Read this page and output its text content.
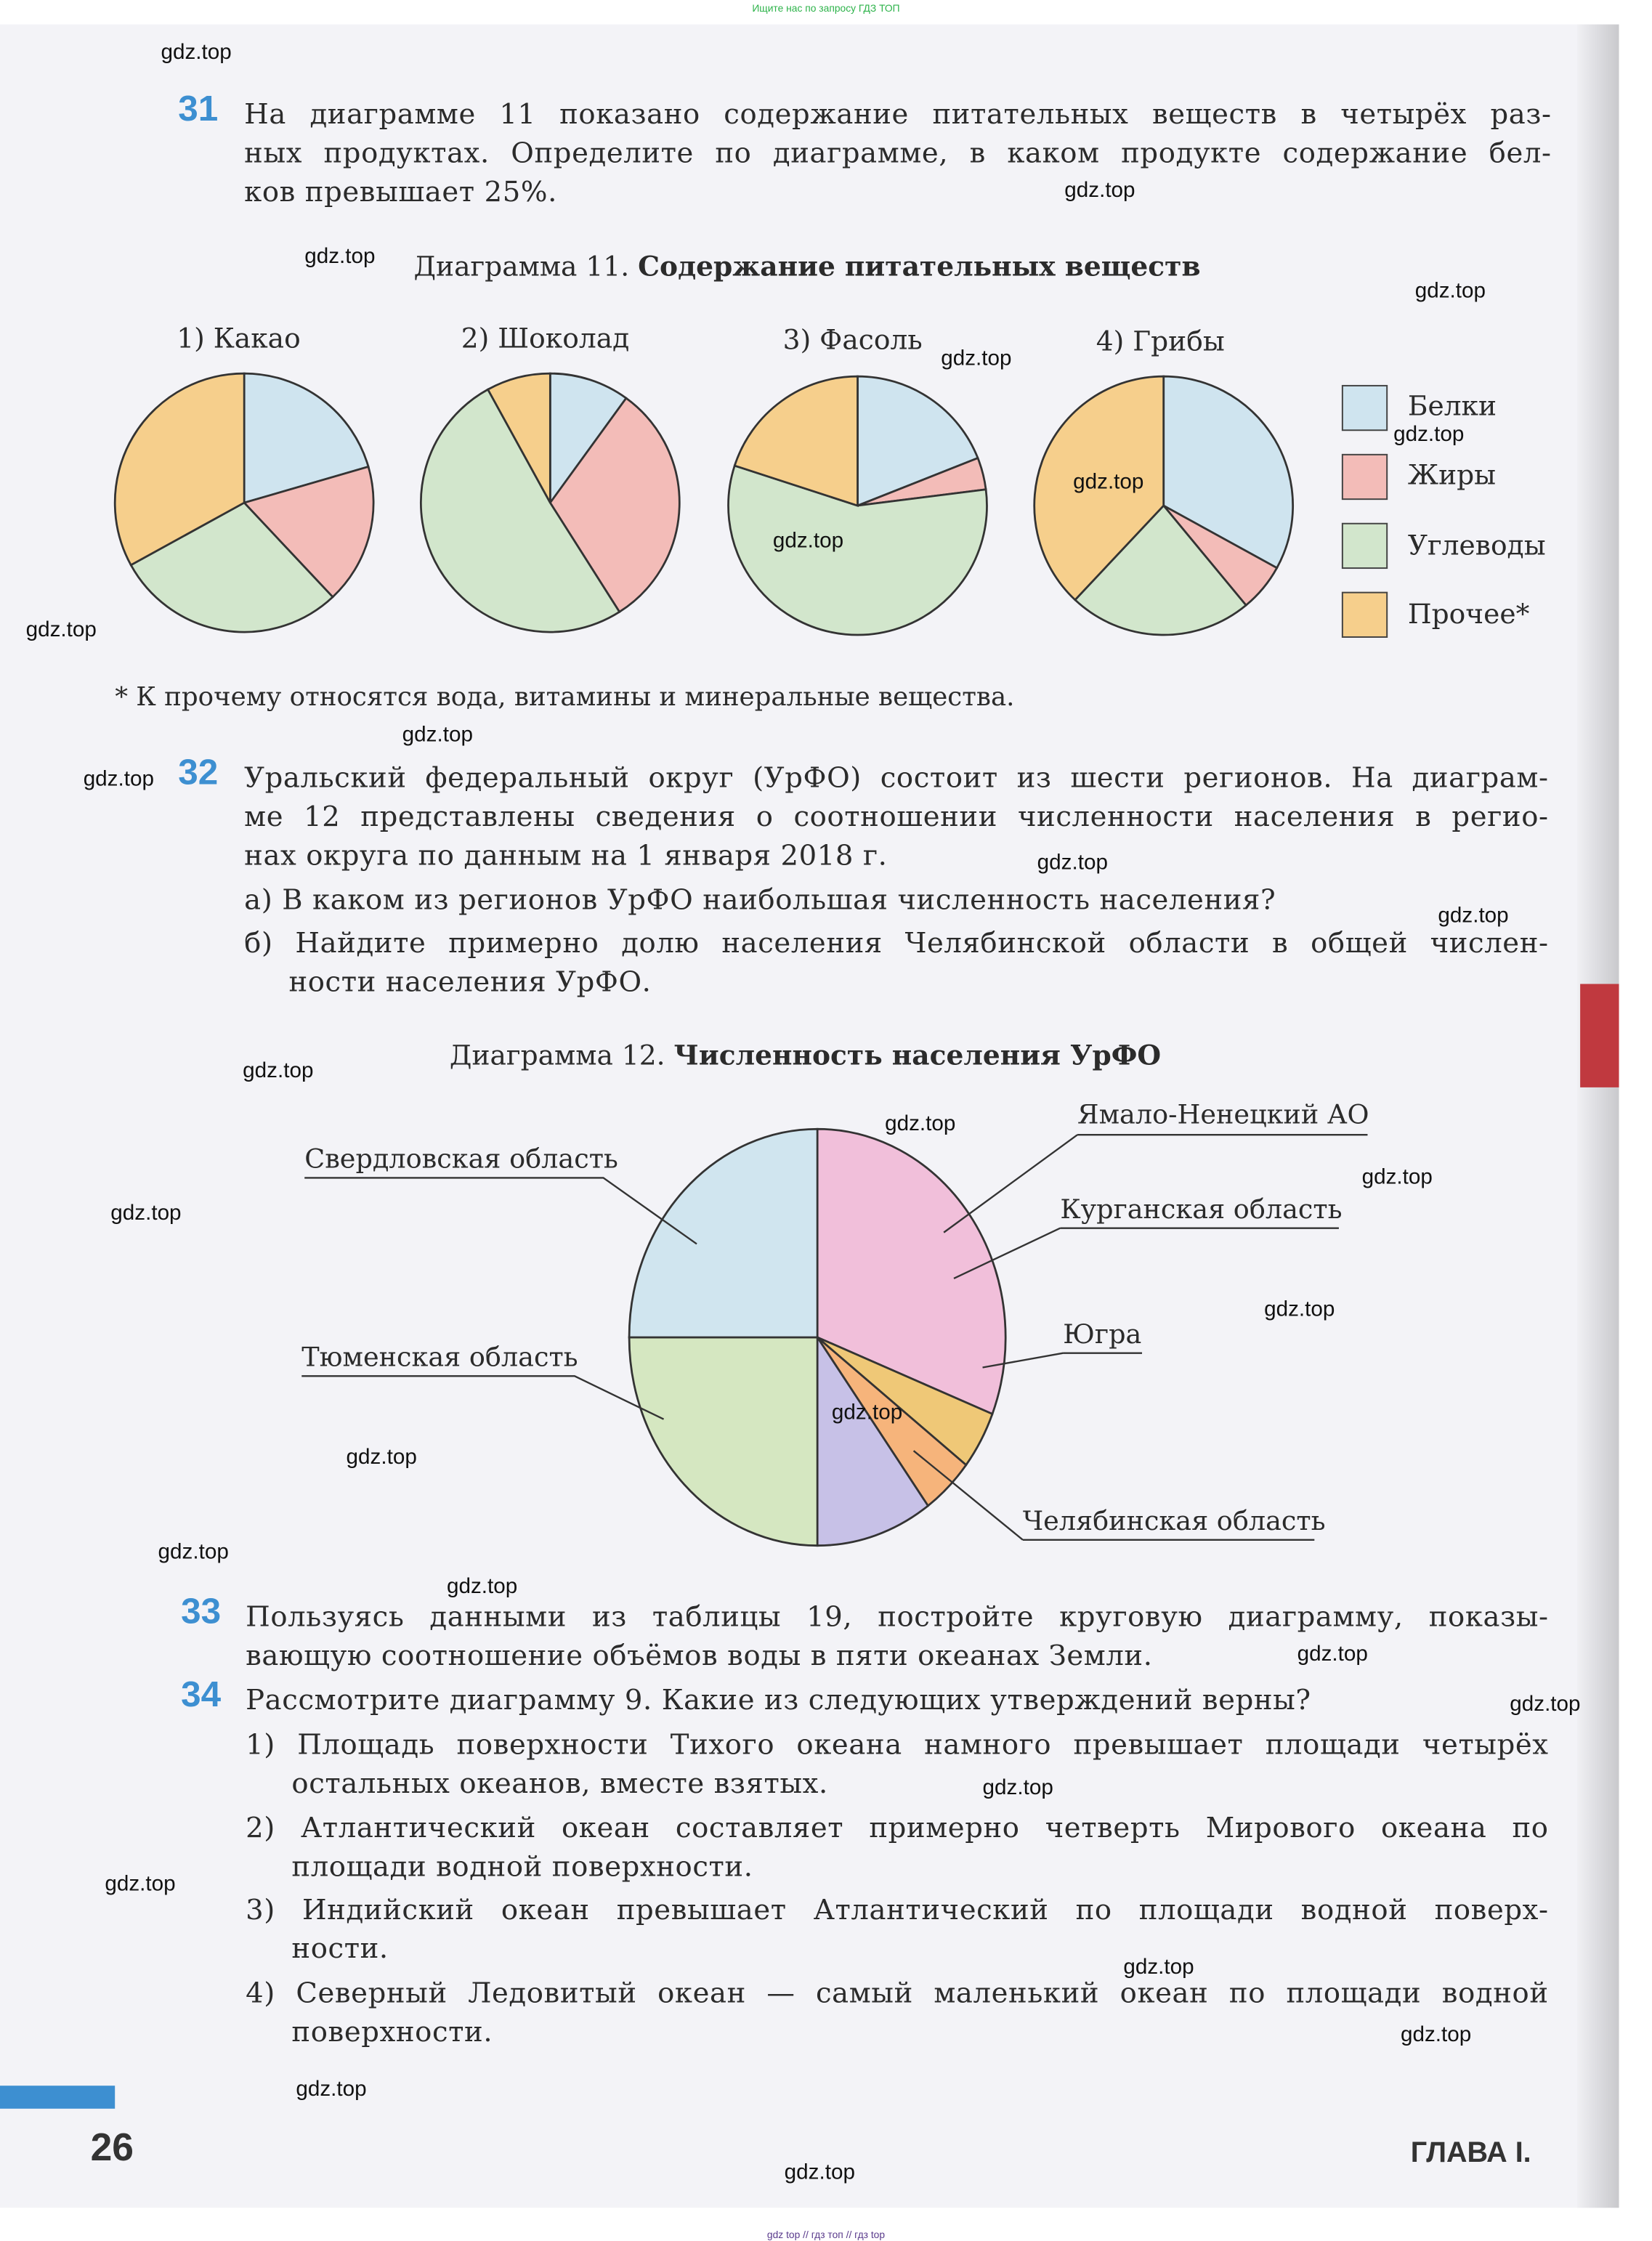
Ищите нас по запросу ГДЗ ТОП
31 На диаграмме 11 показано содержание питательных веществ в четырёх раз-
ных продуктах. Определите по диаграмме, в каком продукте содержание бел-
ков превышает 25%.
Диаграмма 11. Содержание питательных веществ
1) Какао	2) Шоколад	3) Фасоль	4) Грибы
Белки
Жиры
Углеводы
Прочее*
* К прочему относятся вода, витамины и минеральные вещества.
32 Уральский федеральный округ (УрФО) состоит из шести регионов. На диаграм-
ме 12 представлены сведения о соотношении численности населения в регио-
нах округа по данным на 1 января 2018 г.
а) В каком из регионов УрФО наибольшая численность населения?
б) Найдите примерно долю населения Челябинской области в общей числен-
ности населения УрФО.
Диаграмма 12. Численность населения УрФО
Ямало-Ненецкий АО
Свердловская область
Курганская область
Югра
Тюменская область
Челябинская область
33 Пользуясь данными из таблицы 19, постройте круговую диаграмму, показы-
вающую соотношение объёмов воды в пяти океанах Земли.
34 Рассмотрите диаграмму 9. Какие из следующих утверждений верны?
1) Площадь поверхности Тихого океана намного превышает площади четырёх
остальных океанов, вместе взятых.
2) Атлантический океан составляет примерно четверть Мирового океана по
площади водной поверхности.
3) Индийский океан превышает Атлантический по площади водной поверх-
ности.
4) Северный Ледовитый океан — самый маленький океан по площади водной
поверхности.
26	ГЛАВА I.
gdz top // гдз топ // гдз top
gdz.top
gdz.top
gdz.top
gdz.top
gdz.top
gdz.top
gdz.top
gdz.top
gdz.top
gdz.top
gdz.top
gdz.top
gdz.top
gdz.top
gdz.top
gdz.top
gdz.top
gdz.top
gdz.top
gdz.top
gdz.top
gdz.top
gdz.top
gdz.top
gdz.top
gdz.top
gdz.top
gdz.top
gdz.top
gdz.top
